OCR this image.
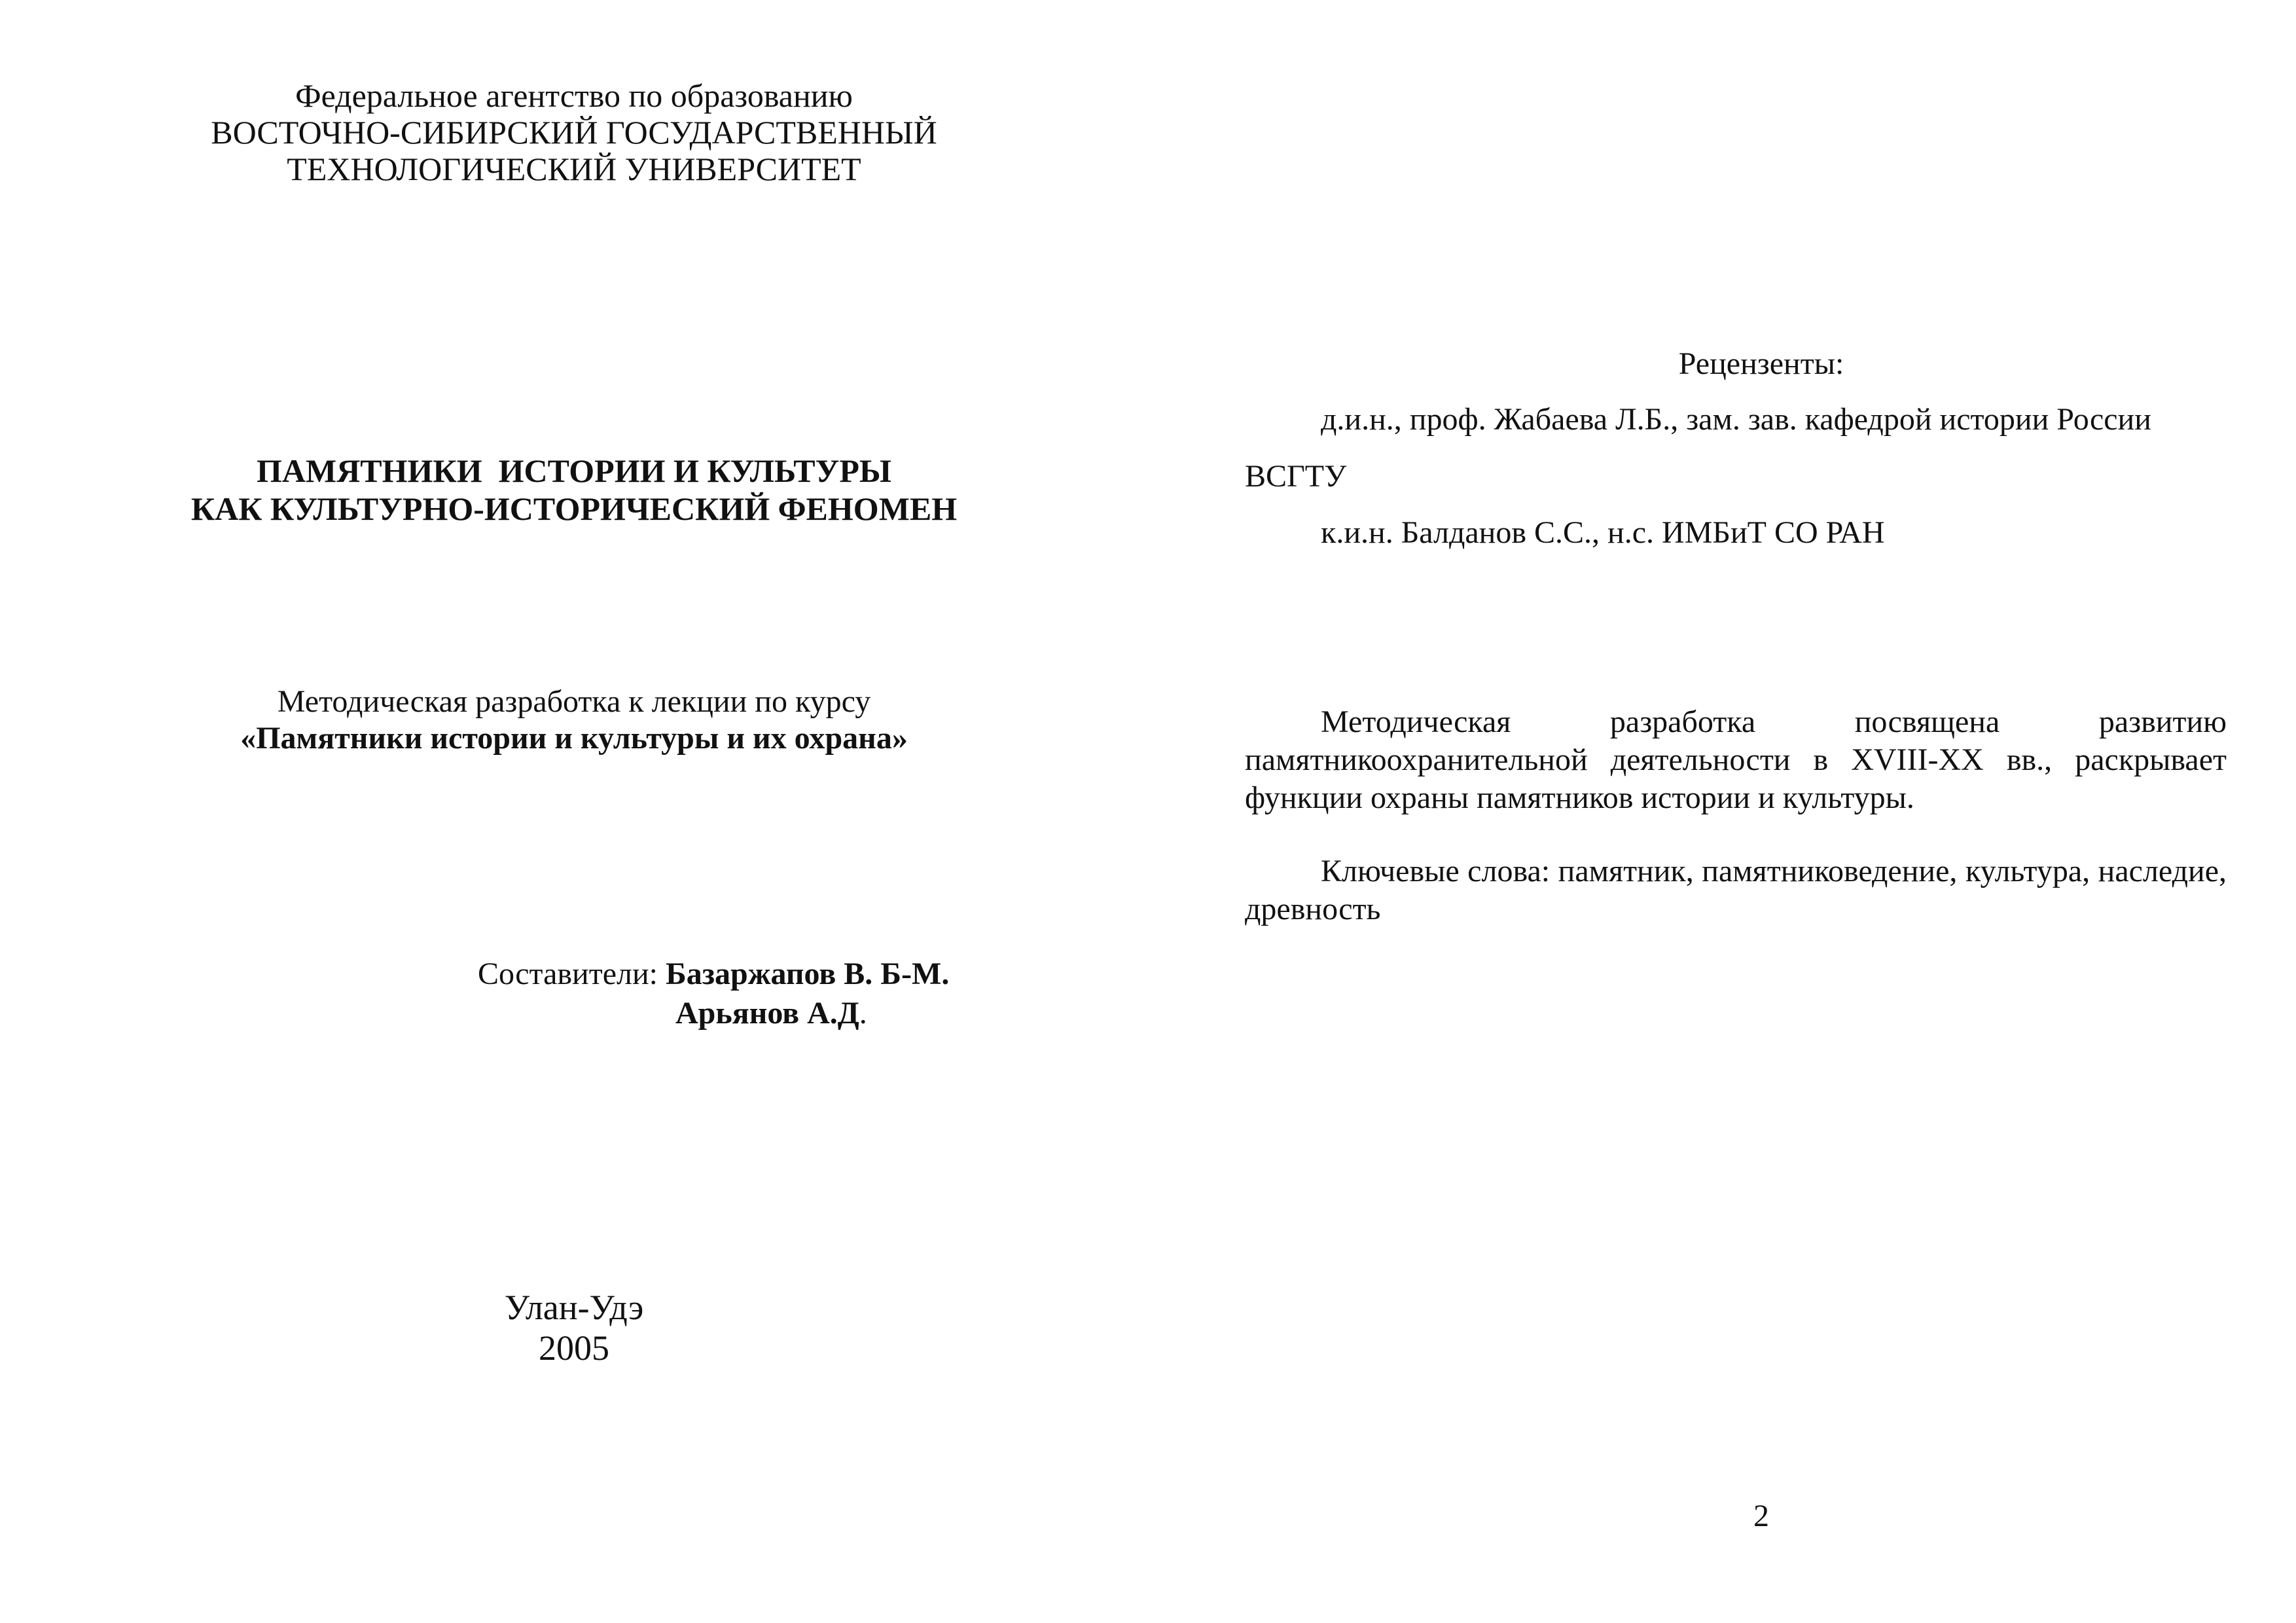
Федеральное агентство по образованию
ВОСТОЧНО-СИБИРСКИЙ ГОСУДАРСТВЕННЫЙ
ТЕХНОЛОГИЧЕСКИЙ УНИВЕРСИТЕТ
ПАМЯТНИКИ  ИСТОРИИ И КУЛЬТУРЫ
КАК КУЛЬТУРНО-ИСТОРИЧЕСКИЙ ФЕНОМЕН
Методическая разработка к лекции по курсу
«Памятники истории и культуры и их охрана»
Составители: Базаржапов В. Б-М.
Арьянов А.Д.
Улан-Удэ
2005
Рецензенты:
д.и.н., проф. Жабаева Л.Б., зам. зав. кафедрой истории России
ВСГТУ
к.и.н. Балданов С.С., н.с. ИМБиТ СО РАН
Методическая разработка посвящена развитию памятникоохранительной деятельности в XVIII-XX вв., раскрывает функции охраны памятников истории и культуры.
Ключевые слова: памятник, памятниковедение, культура, наследие, древность
2
